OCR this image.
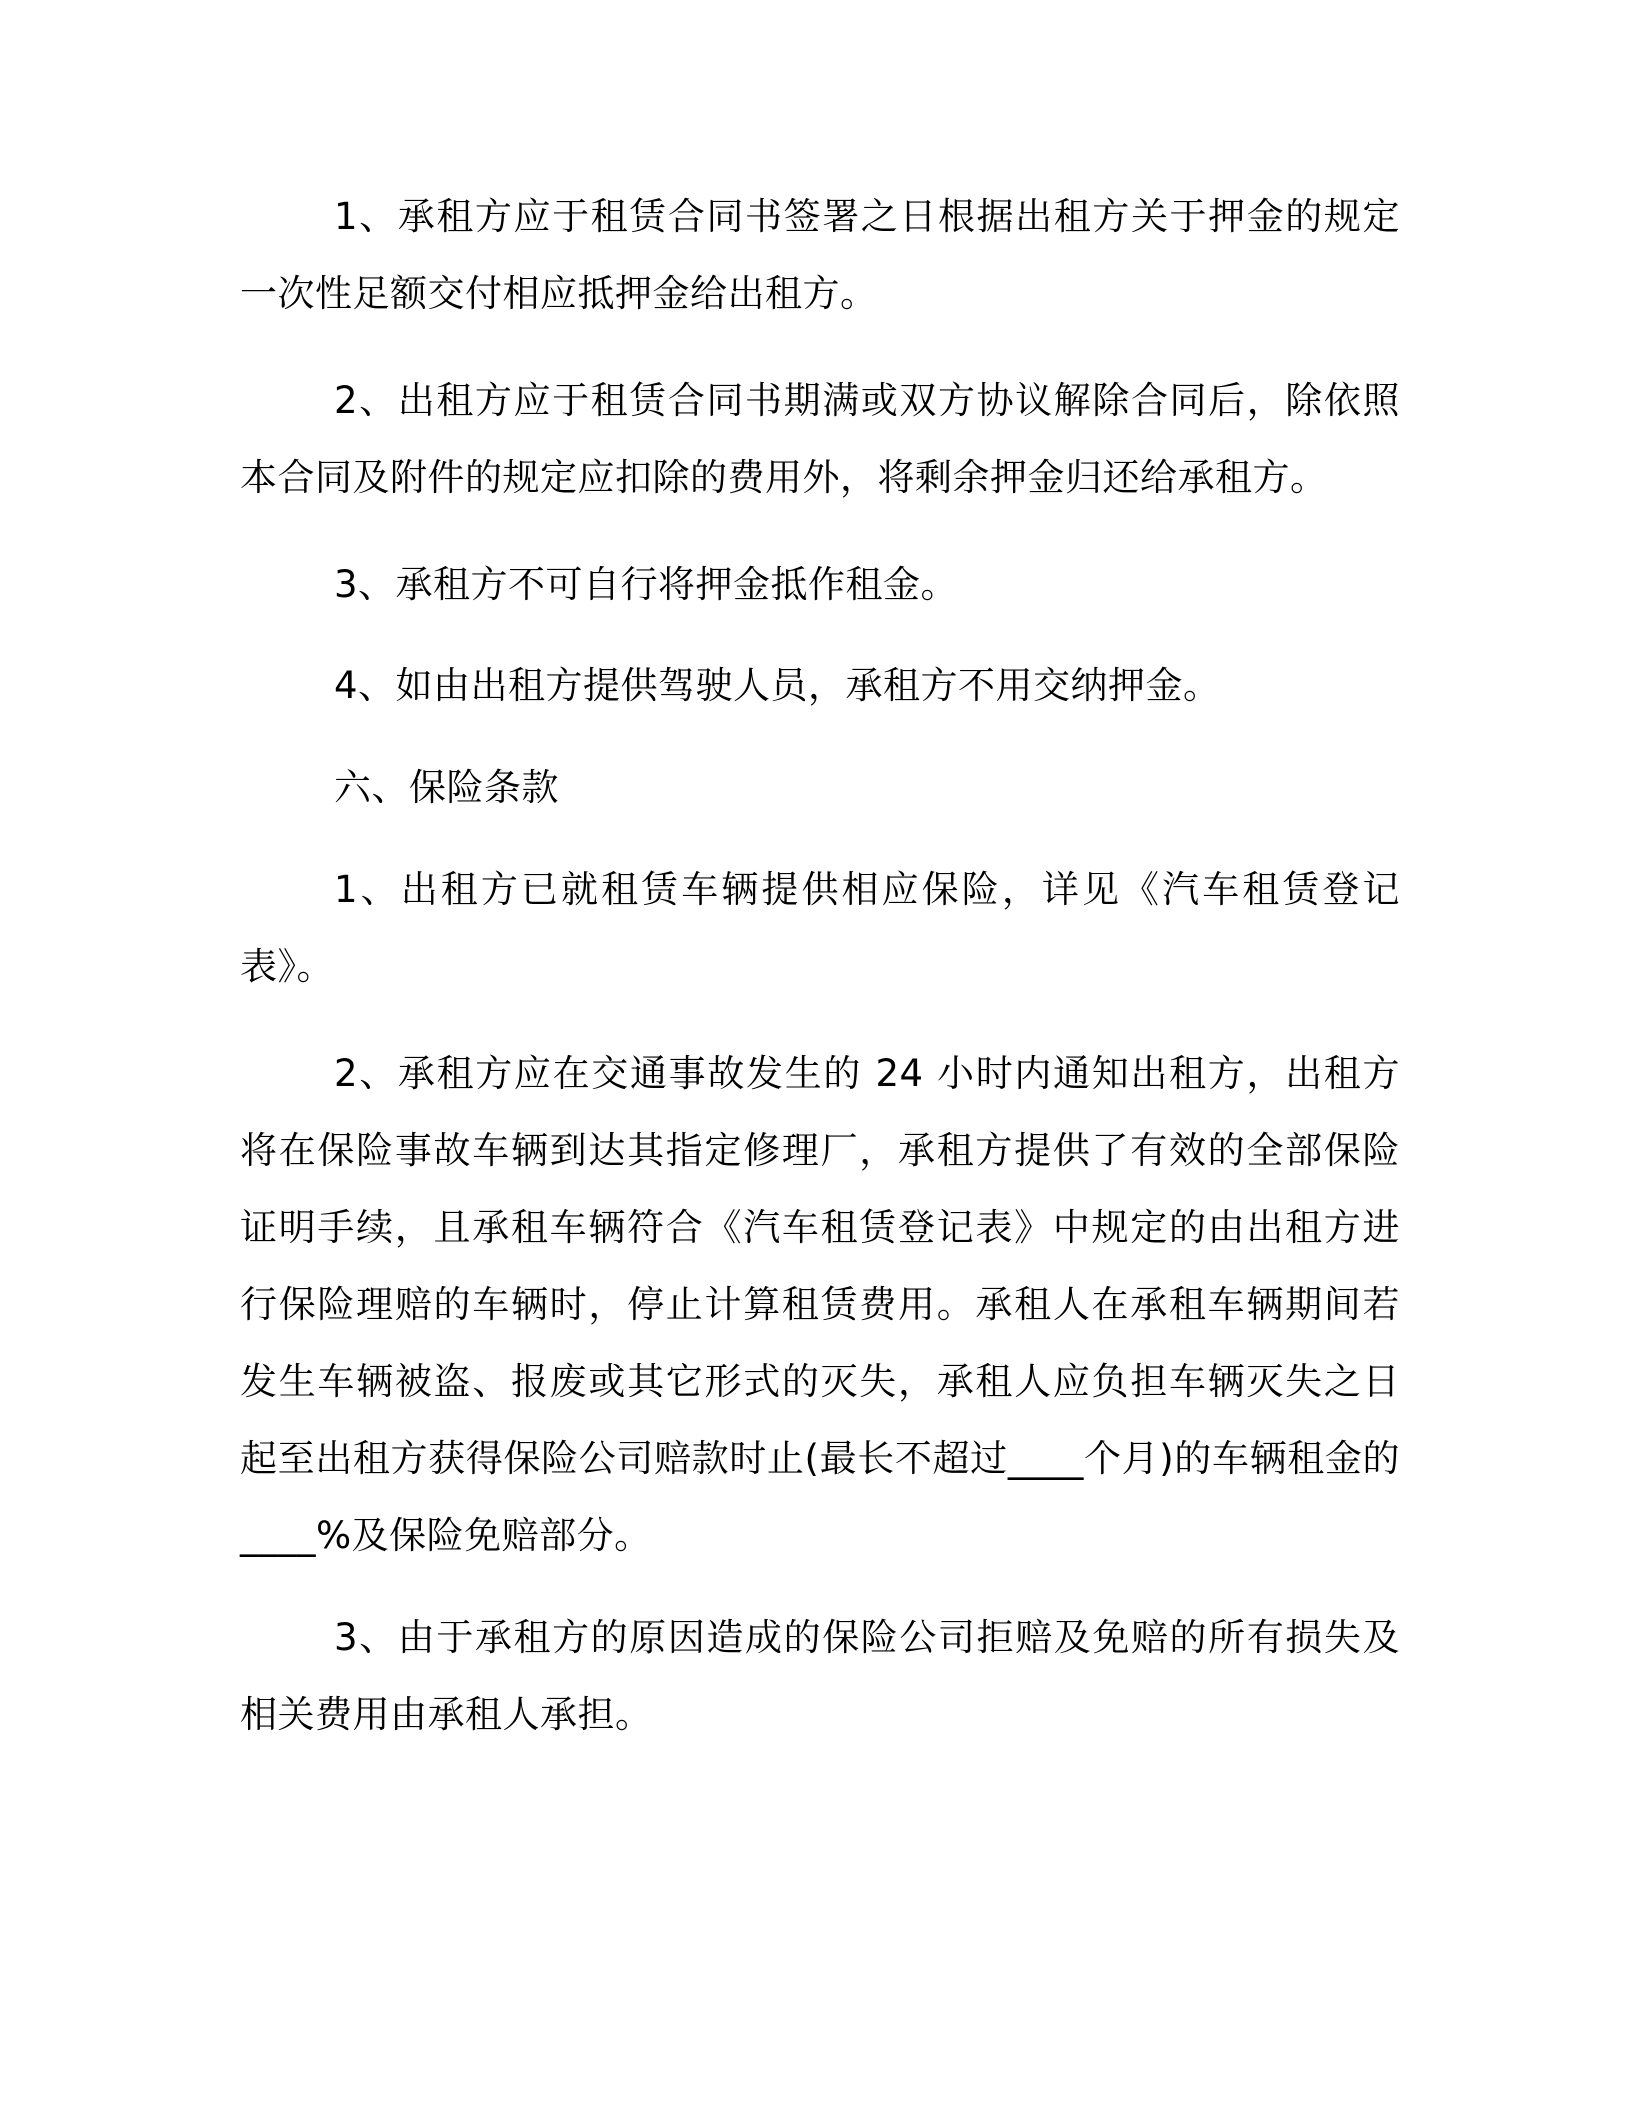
1、承租方应于租赁合同书签署之日根据出租方关于押金的规定一次性足额交付相应抵押金给出租方。

2、出租方应于租赁合同书期满或双方协议解除合同后，除依照本合同及附件的规定应扣除的费用外，将剩余押金归还给承租方。

3、承租方不可自行将押金抵作租金。

4、如由出租方提供驾驶人员，承租方不用交纳押金。

六、保险条款

1、出租方已就租赁车辆提供相应保险，详见《汽车租赁登记表》。

2、承租方应在交通事故发生的 24 小时内通知出租方，出租方将在保险事故车辆到达其指定修理厂，承租方提供了有效的全部保险证明手续，且承租车辆符合《汽车租赁登记表》中规定的由出租方进行保险理赔的车辆时，停止计算租赁费用。承租人在承租车辆期间若发生车辆被盗、报废或其它形式的灭失，承租人应负担车辆灭失之日起至出租方获得保险公司赔款时止(最长不超过____个月)的车辆租金的____%及保险免赔部分。

3、由于承租方的原因造成的保险公司拒赔及免赔的所有损失及相关费用由承租人承担。
